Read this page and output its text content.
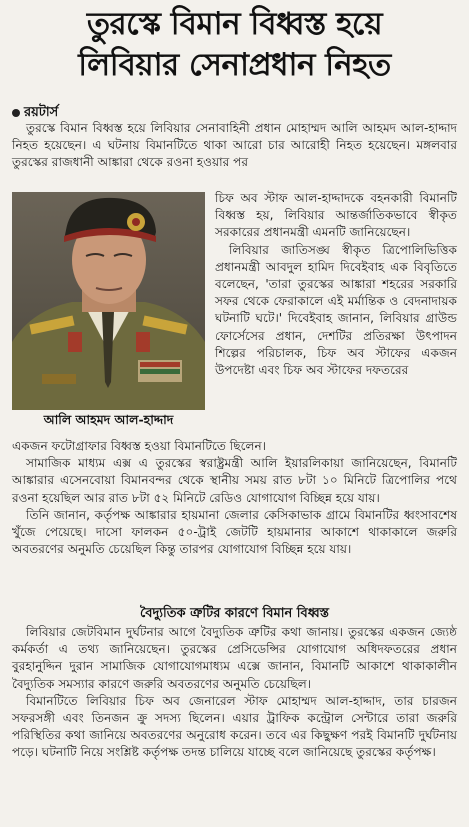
তুরস্কে বিমান বিধ্বস্ত হয়ে
লিবিয়ার সেনাপ্রধান নিহত
রয়টার্স

তুরস্কে বিমান বিধ্বস্ত হয়ে লিবিয়ার সেনাবাহিনী প্রধান মোহাম্মদ আলি আহমদ আল-হাদ্দাদ নিহত হয়েছেন। এ ঘটনায় বিমানটিতে থাকা আরো চার আরোহী নিহত হয়েছেন। মঙ্গলবার তুরস্কের রাজধানী আঙ্কারা থেকে রওনা হওয়ার পর

আলি আহমদ আল-হাদ্দাদ

চিফ অব স্টাফ আল-হাদ্দাদকে বহনকারী বিমানটি বিধ্বস্ত হয়, লিবিয়ার আন্তর্জাতিকভাবে স্বীকৃত সরকারের প্রধানমন্ত্রী এমনটি জানিয়েছেন।

লিবিয়ার জাতিসঙ্ঘ স্বীকৃত ত্রিপোলিভিত্তিক প্রধানমন্ত্রী আবদুল হামিদ দিবেইবাহ এক বিবৃতিতে বলেছেন, 'তারা তুরস্কের আঙ্কারা শহরের সরকারি সফর থেকে ফেরাকালে এই মর্মান্তিক ও বেদনাদায়ক ঘটনাটি ঘটে।' দিবেইবাহ জানান, লিবিয়ার গ্রাউন্ড ফোর্সেসের প্রধান, দেশটির প্রতিরক্ষা উৎপাদন শিল্পের পরিচালক, চিফ অব স্টাফের একজন উপদেষ্টা এবং চিফ অব স্টাফের দফতরের

একজন ফটোগ্রাফার বিধ্বস্ত হওয়া বিমানটিতে ছিলেন।

সামাজিক মাধ্যম এক্স এ তুরস্কের স্বরাষ্ট্রমন্ত্রী আলি ইয়ারলিকায়া জানিয়েছেন, বিমানটি আঙ্কারার এসেনবোয়া বিমানবন্দর থেকে স্থানীয় সময় রাত ৮টা ১০ মিনিটে ত্রিপোলির পথে রওনা হয়েছিল আর রাত ৮টা ৫২ মিনিটে রেডিও যোগাযোগ বিচ্ছিন্ন হয়ে যায়।

তিনি জানান, কর্তৃপক্ষ আঙ্কারার হায়মানা জেলার কেসিকাভাক গ্রামে বিমানটির ধ্বংসাবশেষ খুঁজে পেয়েছে। দাসো ফালকন ৫০-ট্রাই জেটটি হায়মানার আকাশে থাকাকালে জরুরি অবতরণের অনুমতি চেয়েছিল কিন্তু তারপর যোগাযোগ বিচ্ছিন্ন হয়ে যায়।

বৈদ্যুতিক ত্রুটির কারণে বিমান বিধ্বস্ত

লিবিয়ার জেটবিমান দুর্ঘটনার আগে বৈদ্যুতিক ত্রুটির কথা জানায়। তুরস্কের একজন জ্যেষ্ঠ কর্মকর্তা এ তথ্য জানিয়েছেন। তুরস্কের প্রেসিডেন্সির যোগাযোগ অধিদফতরের প্রধান বুরহানুদ্দিন দুরান সামাজিক যোগাযোগমাধ্যম এক্সে জানান, বিমানটি আকাশে থাকাকালীন বৈদ্যুতিক সমস্যার কারণে জরুরি অবতরণের অনুমতি চেয়েছিল।

বিমানটিতে লিবিয়ার চিফ অব জেনারেল স্টাফ মোহাম্মদ আল-হাদ্দাদ, তার চারজন সফরসঙ্গী এবং তিনজন ক্রু সদস্য ছিলেন। এয়ার ট্রাফিক কন্ট্রোল সেন্টারে তারা জরুরি পরিস্থিতির কথা জানিয়ে অবতরণের অনুরোধ করেন। তবে এর কিছুক্ষণ পরই বিমানটি দুর্ঘটনায় পড়ে। ঘটনাটি নিয়ে সংশ্লিষ্ট কর্তৃপক্ষ তদন্ত চালিয়ে যাচ্ছে বলে জানিয়েছে তুরস্কের কর্তৃপক্ষ।
